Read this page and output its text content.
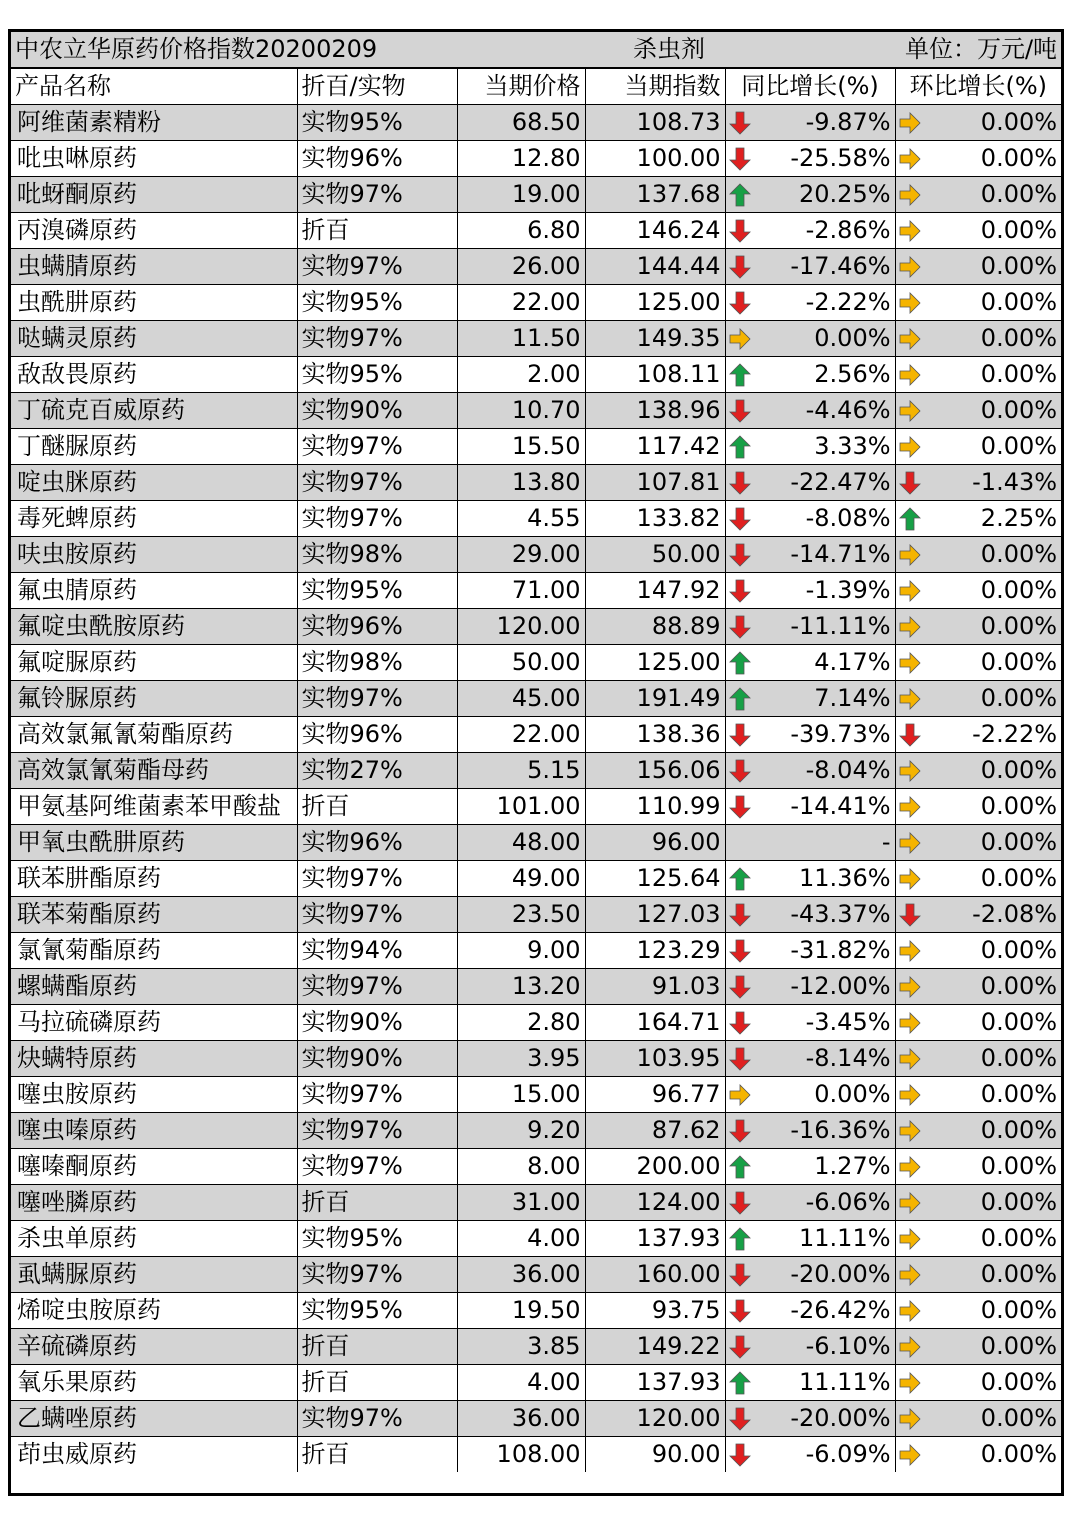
中农立华原药价格指数20200209			杀虫剂		单位：万元/吨		
产品名称	折百/实物	当期价格	当期指数	同比增长(%)		环比增长(%)	
阿维菌素精粉	实物95%	68.50	108.73		-9.87%		0.00%
吡虫啉原药	实物96%	12.80	100.00		-25.58%		0.00%
吡蚜酮原药	实物97%	19.00	137.68		20.25%		0.00%
丙溴磷原药	折百	6.80	146.24		-2.86%		0.00%
虫螨腈原药	实物97%	26.00	144.44		-17.46%		0.00%
虫酰肼原药	实物95%	22.00	125.00		-2.22%		0.00%
哒螨灵原药	实物97%	11.50	149.35		0.00%		0.00%
敌敌畏原药	实物95%	2.00	108.11		2.56%		0.00%
丁硫克百威原药	实物90%	10.70	138.96		-4.46%		0.00%
丁醚脲原药	实物97%	15.50	117.42		3.33%		0.00%
啶虫脒原药	实物97%	13.80	107.81		-22.47%		-1.43%
毒死蜱原药	实物97%	4.55	133.82		-8.08%		2.25%
呋虫胺原药	实物98%	29.00	50.00		-14.71%		0.00%
氟虫腈原药	实物95%	71.00	147.92		-1.39%		0.00%
氟啶虫酰胺原药	实物96%	120.00	88.89		-11.11%		0.00%
氟啶脲原药	实物98%	50.00	125.00		4.17%		0.00%
氟铃脲原药	实物97%	45.00	191.49		7.14%		0.00%
高效氯氟氰菊酯原药	实物96%	22.00	138.36		-39.73%		-2.22%
高效氯氰菊酯母药	实物27%	5.15	156.06		-8.04%		0.00%
甲氨基阿维菌素苯甲酸盐	折百	101.00	110.99		-14.41%		0.00%
甲氧虫酰肼原药	实物96%	48.00	96.00		-		0.00%
联苯肼酯原药	实物97%	49.00	125.64		11.36%		0.00%
联苯菊酯原药	实物97%	23.50	127.03		-43.37%		-2.08%
氯氰菊酯原药	实物94%	9.00	123.29		-31.82%		0.00%
螺螨酯原药	实物97%	13.20	91.03		-12.00%		0.00%
马拉硫磷原药	实物90%	2.80	164.71		-3.45%		0.00%
炔螨特原药	实物90%	3.95	103.95		-8.14%		0.00%
噻虫胺原药	实物97%	15.00	96.77		0.00%		0.00%
噻虫嗪原药	实物97%	9.20	87.62		-16.36%		0.00%
噻嗪酮原药	实物97%	8.00	200.00		1.27%		0.00%
噻唑膦原药	折百	31.00	124.00		-6.06%		0.00%
杀虫单原药	实物95%	4.00	137.93		11.11%		0.00%
虱螨脲原药	实物97%	36.00	160.00		-20.00%		0.00%
烯啶虫胺原药	实物95%	19.50	93.75		-26.42%		0.00%
辛硫磷原药	折百	3.85	149.22		-6.10%		0.00%
氧乐果原药	折百	4.00	137.93		11.11%		0.00%
乙螨唑原药	实物97%	36.00	120.00		-20.00%		0.00%
茚虫威原药	折百	108.00	90.00		-6.09%		0.00%
